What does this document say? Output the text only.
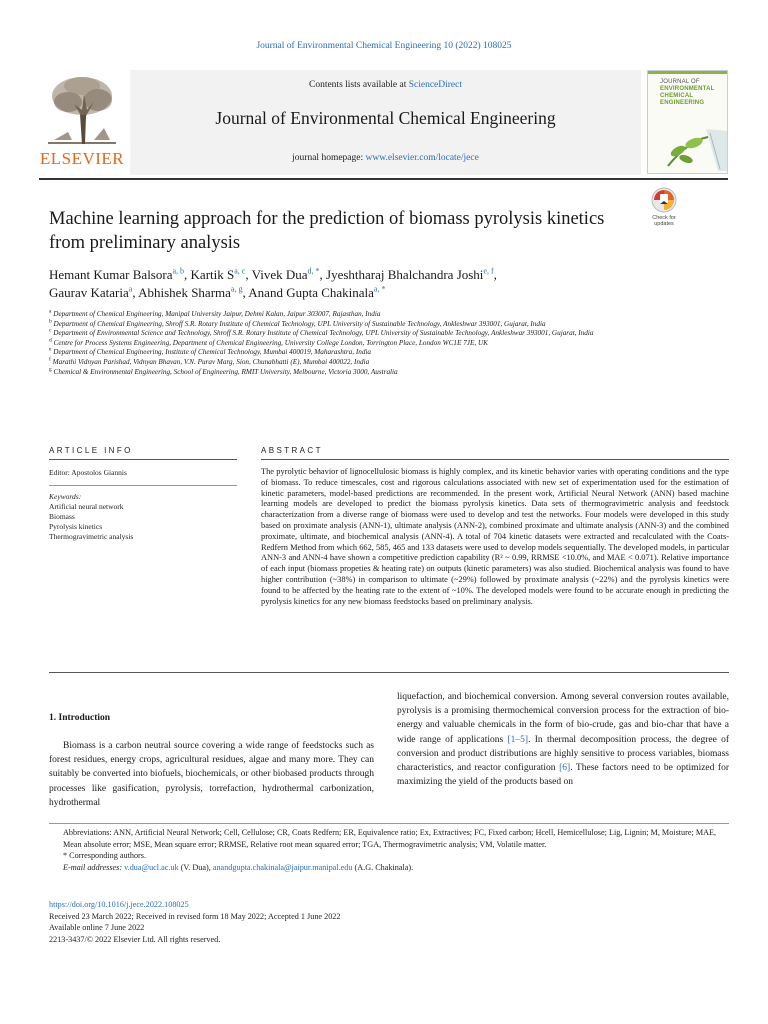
Journal of Environmental Chemical Engineering 10 (2022) 108025
ELSEVIER
Contents lists available at ScienceDirect
Journal of Environmental Chemical Engineering
journal homepage: www.elsevier.com/locate/jece
JOURNAL OF
ENVIRONMENTAL
CHEMICAL
ENGINEERING
Check for
updates
Machine learning approach for the prediction of biomass pyrolysis kinetics from preliminary analysis
Hemant Kumar Balsora$^{a, b}$, Kartik S$^{a, c}$, Vivek Dua$^{d, *}$, Jyeshtharaj Bhalchandra Joshi$^{e, f}$,
Gaurav Kataria$^a$, Abhishek Sharma$^{a, g}$, Anand Gupta Chakinala$^{a, *}$
$^a$ Department of Chemical Engineering, Manipal University Jaipur, Dehmi Kalan, Jaipur 303007, Rajasthan, India
$^b$ Department of Chemical Engineering, Shroff S.R. Rotary Institute of Chemical Technology, UPL University of Sustainable Technology, Ankleshwar 393001, Gujarat, India
$^c$ Department of Environmental Science and Technology, Shroff S.R. Rotary Institute of Chemical Technology, UPL University of Sustainable Technology, Ankleshwar 393001, Gujarat, India
$^d$ Centre for Process Systems Engineering, Department of Chemical Engineering, University College London, Torrington Place, London WC1E 7JE, UK
$^e$ Department of Chemical Engineering, Institute of Chemical Technology, Mumbai 400019, Maharashtra, India
$^f$ Marathi Vidnyan Parishad, Vidnyan Bhavan, V.N. Purav Marg, Sion, Chunabhatti (E), Mumbai 400022, India
$^g$ Chemical & Environmental Engineering, School of Engineering, RMIT University, Melbourne, Victoria 3000, Australia
ARTICLE INFO
Editor: Apostolos Giannis
Keywords:
Artificial neural network
Biomass
Pyrolysis kinetics
Thermogravimetric analysis
ABSTRACT
The pyrolytic behavior of lignocellulosic biomass is highly complex, and its kinetic behavior varies with operating conditions and the type of biomass. To reduce timescales, cost and rigorous calculations associated with new set of experimentation used for the estimation of kinetic parameters, model-based predictions are recommended. In the present work, Artificial Neural Network (ANN) based machine learning models are developed to predict the biomass pyrolysis kinetics. Data sets of thermogravimetric analysis and feedstock characterization from a diverse range of biomass were used to develop and test the networks. Four models were developed in this study based on proximate analysis (ANN-1), ultimate analysis (ANN-2), combined proximate and ultimate analysis (ANN-3) and the combined proximate, ultimate, and biochemical analysis (ANN-4). A total of 704 kinetic datasets were extracted and recalculated with the Coats-Redfern Method from which 662, 585, 465 and 133 datasets were used to develop models sequentially. The developed models, in particular ANN-3 and ANN-4 have shown a competitive prediction capability (R² ~ 0.99, RRMSE <10.0%, and MAE < 0.071). Relative importance of each input (biomass propeties & heating rate) on outputs (kinetic parameters) was also studied. Biochemical analysis was found to have higher contribution (~38%) in comparison to ultimate (~29%) followed by proximate analysis (~22%) and the pyrolysis kinetics were found to be affected by the heating rate to the extent of ~10%. The developed models were found to be accurate enough in predicting the pyrolysis kinetics for any new biomass feedstocks based on preliminary analysis.
1. Introduction
Biomass is a carbon neutral source covering a wide range of feedstocks such as forest residues, energy crops, agricultural residues, algae and many more. They can suitably be converted into biofuels, biochemicals, or other biobased products through processes like gasification, pyrolysis, torrefaction, hydrothermal carbonization, hydrothermal
liquefaction, and biochemical conversion. Among several conversion routes available, pyrolysis is a promising thermochemical conversion process for the extraction of bio-energy and valuable chemicals in the form of bio-crude, gas and bio-char that have a wide range of applications [1–5]. In thermal decomposition process, the degree of conversion and product distributions are highly sensitive to process variables, biomass characteristics, and reactor configuration [6]. These factors need to be optimized for maximizing the yield of the products based on
Abbreviations: ANN, Artificial Neural Network; Cell, Cellulose; CR, Coats Redfern; ER, Equivalence ratio; Ex, Extractives; FC, Fixed carbon; Hcell, Hemicellulose; Lig, Lignin; M, Moisture; MAE, Mean absolute error; MSE, Mean square error; RRMSE, Relative root mean squared error; TGA, Thermogravimetric analysis; VM, Volatile matter.
* Corresponding authors.
E-mail addresses: v.dua@ucl.ac.uk (V. Dua), anandgupta.chakinala@jaipur.manipal.edu (A.G. Chakinala).
https://doi.org/10.1016/j.jece.2022.108025
Received 23 March 2022; Received in revised form 18 May 2022; Accepted 1 June 2022
Available online 7 June 2022
2213-3437/© 2022 Elsevier Ltd. All rights reserved.
